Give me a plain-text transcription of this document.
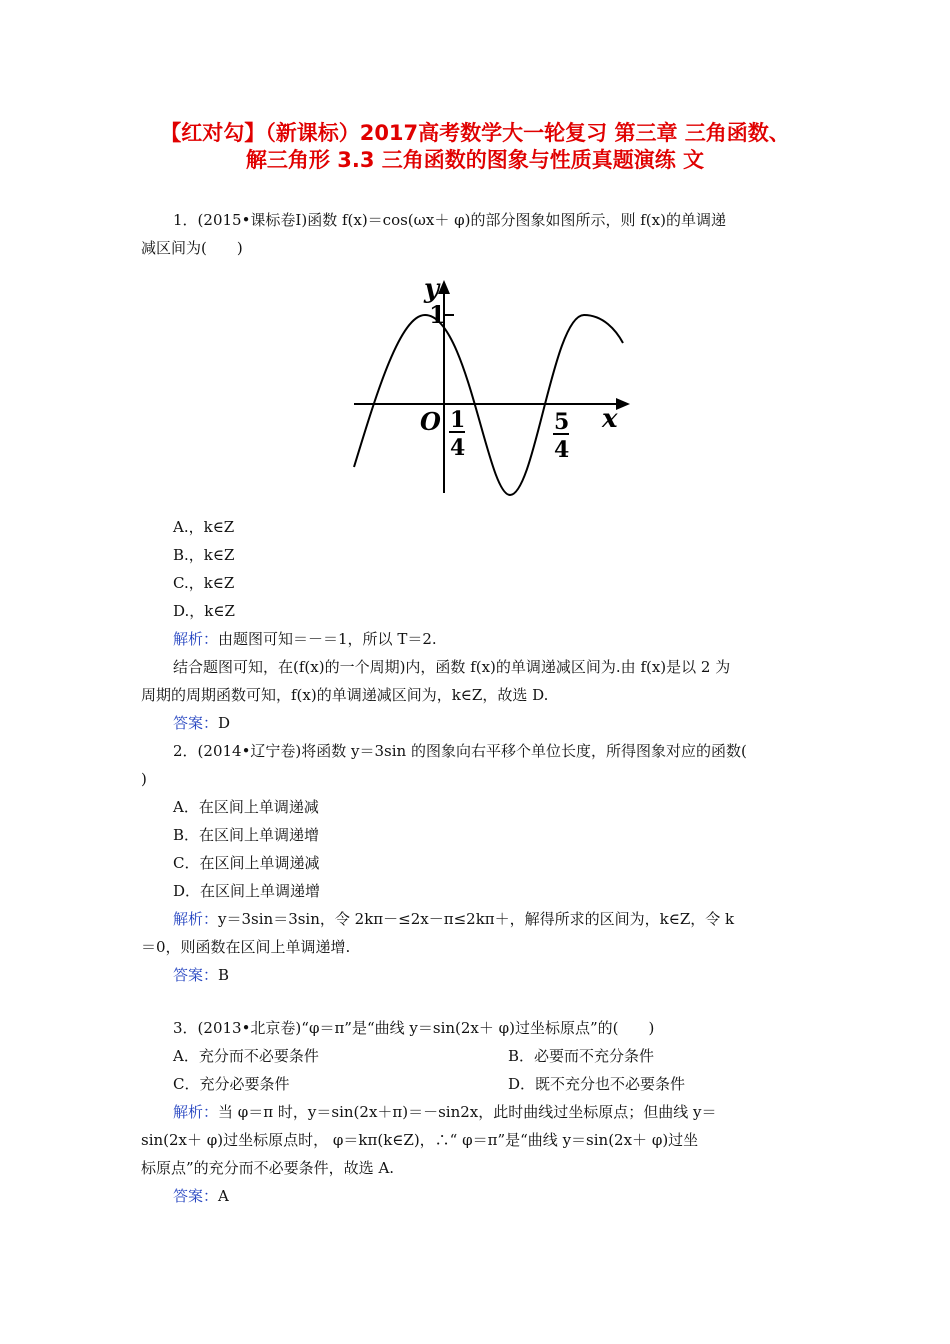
【红对勾】（新课标）2017高考数学大一轮复习 第三章 三角函数、
解三角形 3.3 三角函数的图象与性质真题演练 文
1．(2015•课标卷Ⅰ)函数 f(x)＝cos(ωx＋ φ)的部分图象如图所示，则 f(x)的单调递
减区间为(　　)
y
1
O	x
1
4
5
4
A.，k∈Z
B.，k∈Z
C.，k∈Z
D.，k∈Z
解析：由题图可知＝－＝1，所以 T＝2.
结合题图可知，在(f(x)的一个周期)内，函数 f(x)的单调递减区间为.由 f(x)是以 2 为
周期的周期函数可知，f(x)的单调递减区间为，k∈Z，故选 D.
答案：D
2．(2014•辽宁卷)将函数 y＝3sin 的图象向右平移个单位长度，所得图象对应的函数(
)
A．在区间上单调递减
B．在区间上单调递增
C．在区间上单调递减
D．在区间上单调递增
解析：y＝3sin＝3sin，令 2kπ－≤2x－π≤2kπ＋，解得所求的区间为，k∈Z，令 k
＝0，则函数在区间上单调递增.
答案：B
3．(2013•北京卷)“φ＝π”是“曲线 y＝sin(2x＋ φ)过坐标原点”的(　　)
A．充分而不必要条件	B．必要而不充分条件
C．充分必要条件	D．既不充分也不必要条件
解析：当 φ＝π 时，y＝sin(2x＋π)＝－sin2x，此时曲线过坐标原点；但曲线 y＝
sin(2x＋ φ)过坐标原点时， φ＝kπ(k∈Z)，∴“ φ＝π”是“曲线 y＝sin(2x＋ φ)过坐
标原点”的充分而不必要条件，故选 A.
答案：A
